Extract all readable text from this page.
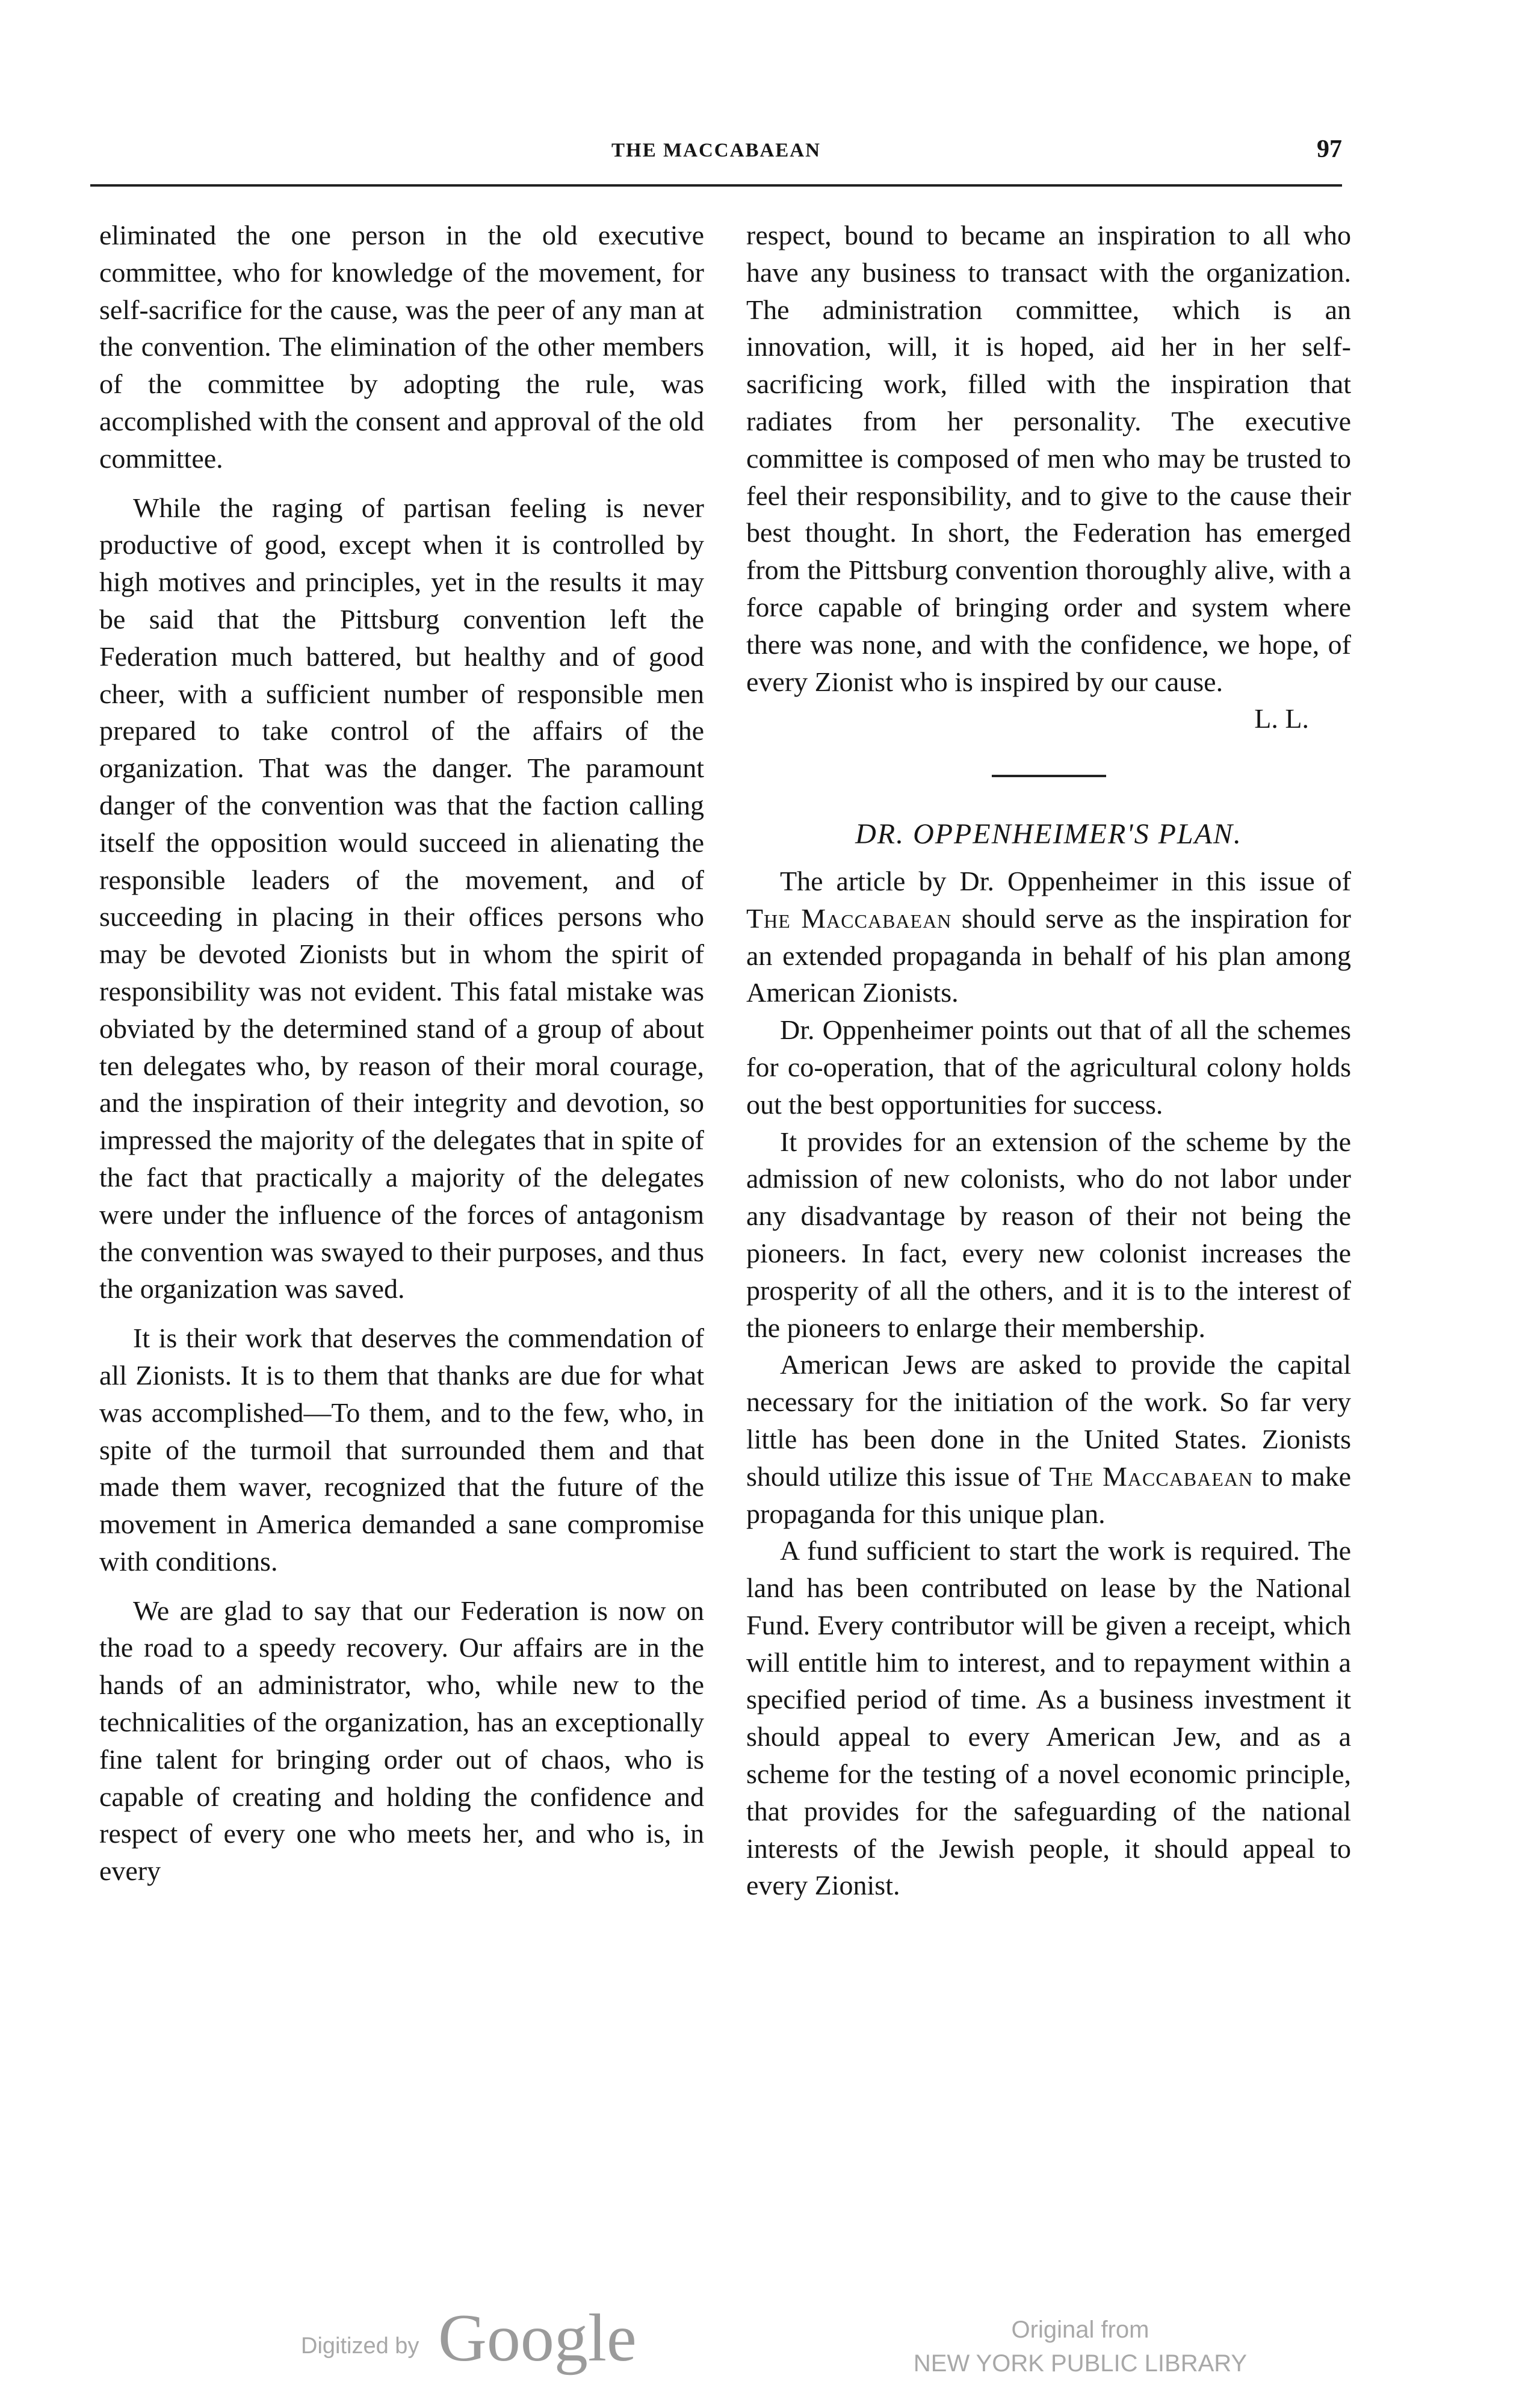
THE MACCABAEAN	97

eliminated the one person in the old executive committee, who for knowledge of the movement, for self-sacrifice for the cause, was the peer of any man at the convention. The elimination of the other members of the committee by adopting the rule, was accomplished with the consent and approval of the old committee.

While the raging of partisan feeling is never productive of good, except when it is controlled by high motives and principles, yet in the results it may be said that the Pittsburg convention left the Federation much battered, but healthy and of good cheer, with a sufficient number of responsible men prepared to take control of the affairs of the organization. That was the danger. The paramount danger of the convention was that the faction calling itself the opposition would succeed in alienating the responsible leaders of the movement, and of succeeding in placing in their offices persons who may be devoted Zionists but in whom the spirit of responsibility was not evident. This fatal mistake was obviated by the determined stand of a group of about ten delegates who, by reason of their moral courage, and the inspiration of their integrity and devotion, so impressed the majority of the delegates that in spite of the fact that practically a majority of the delegates were under the influence of the forces of antagonism the convention was swayed to their purposes, and thus the organization was saved.

It is their work that deserves the commendation of all Zionists. It is to them that thanks are due for what was accomplished—To them, and to the few, who, in spite of the turmoil that surrounded them and that made them waver, recognized that the future of the movement in America demanded a sane compromise with conditions.

We are glad to say that our Federation is now on the road to a speedy recovery. Our affairs are in the hands of an administrator, who, while new to the technicalities of the organization, has an exceptionally fine talent for bringing order out of chaos, who is capable of creating and holding the confidence and respect of every one who meets her, and who is, in every

respect, bound to became an inspiration to all who have any business to transact with the organization. The administration committee, which is an innovation, will, it is hoped, aid her in her self-sacrificing work, filled with the inspiration that radiates from her personality. The executive committee is composed of men who may be trusted to feel their responsibility, and to give to the cause their best thought. In short, the Federation has emerged from the Pittsburg convention thoroughly alive, with a force capable of bringing order and system where there was none, and with the confidence, we hope, of every Zionist who is inspired by our cause.

L. L.
DR. OPPENHEIMER'S PLAN.

The article by Dr. Oppenheimer in this issue of The Maccabaean should serve as the inspiration for an extended propaganda in behalf of his plan among American Zionists.

Dr. Oppenheimer points out that of all the schemes for co-operation, that of the agricultural colony holds out the best opportunities for success.

It provides for an extension of the scheme by the admission of new colonists, who do not labor under any disadvantage by reason of their not being the pioneers. In fact, every new colonist increases the prosperity of all the others, and it is to the interest of the pioneers to enlarge their membership.

American Jews are asked to provide the capital necessary for the initiation of the work. So far very little has been done in the United States. Zionists should utilize this issue of The Maccabaean to make propaganda for this unique plan.

A fund sufficient to start the work is required. The land has been contributed on lease by the National Fund. Every contributor will be given a receipt, which will entitle him to interest, and to repayment within a specified period of time. As a business investment it should appeal to every American Jew, and as a scheme for the testing of a novel economic principle, that provides for the safeguarding of the national interests of the Jewish people, it should appeal to every Zionist.

Digitized by Google	Original from
NEW YORK PUBLIC LIBRARY
